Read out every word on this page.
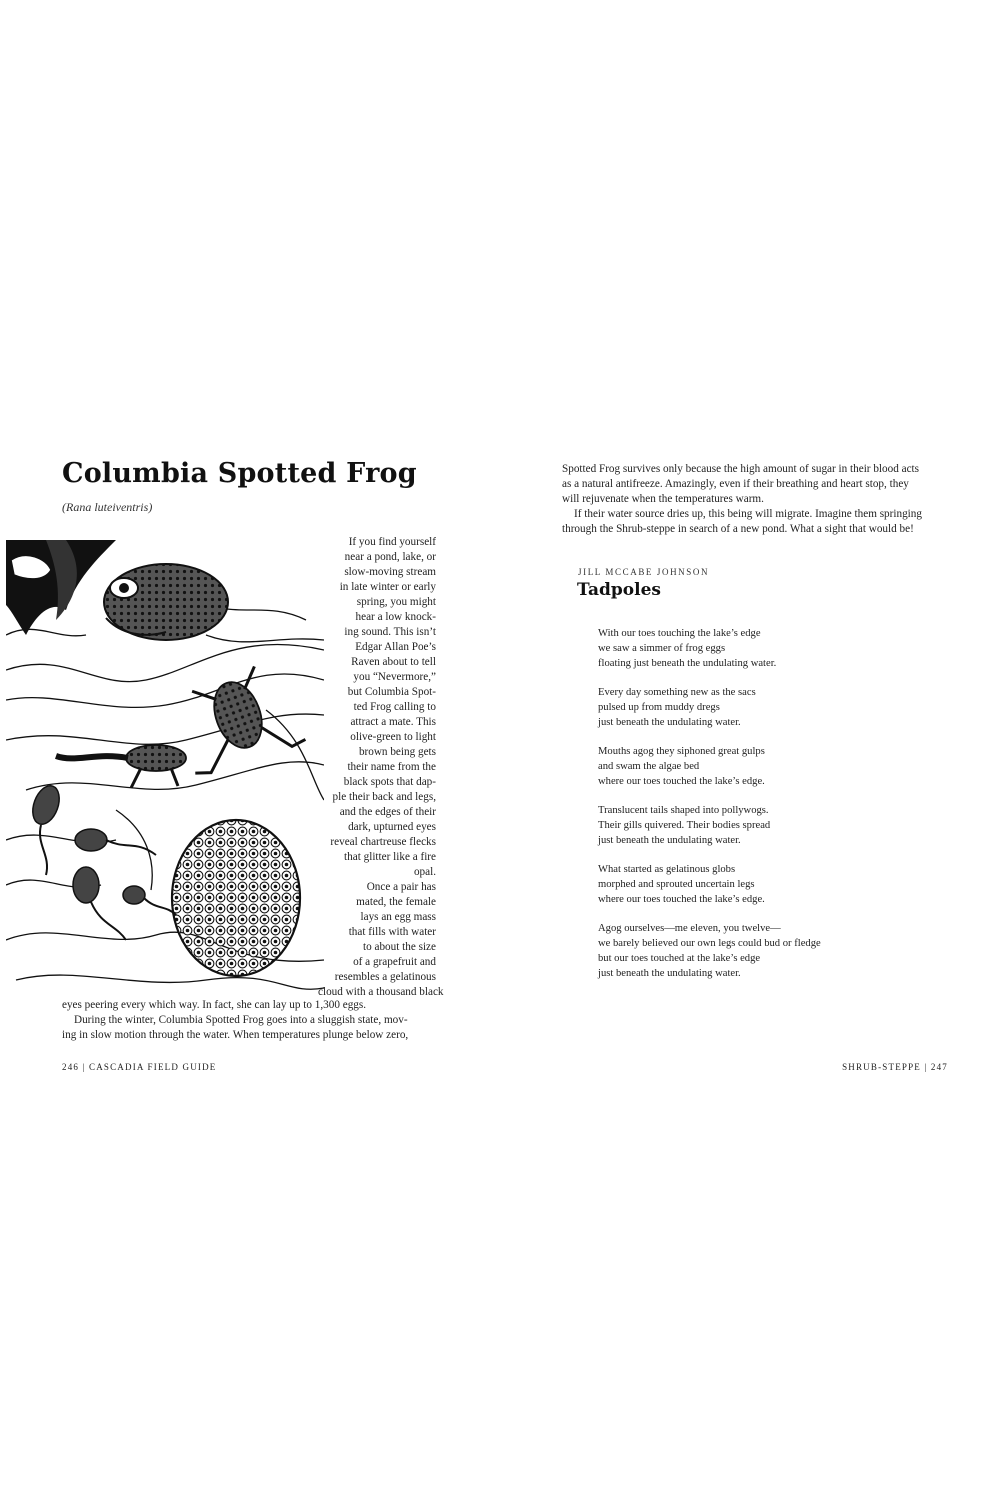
Columbia Spotted Frog
(Rana luteiventris)
If you find yourself
near a pond, lake, or
slow-moving stream
in late winter or early
spring, you might
hear a low knock-
ing sound. This isn’t
Edgar Allan Poe’s
Raven about to tell
you “Nevermore,”
but Columbia Spot-
ted Frog calling to
attract a mate. This
olive-green to light
brown being gets
their name from the
black spots that dap-
ple their back and legs,
and the edges of their
dark, upturned eyes
reveal chartreuse flecks
that glitter like a fire
opal.
Once a pair has
mated, the female
lays an egg mass
that fills with water
to about the size
of a grapefruit and
resembles a gelatinous
cloud with a thousand black
eyes peering every which way. In fact, she can lay up to 1,300 eggs.
During the winter, Columbia Spotted Frog goes into a sluggish state, mov-
ing in slow motion through the water. When temperatures plunge below zero,
246 | CASCADIA FIELD GUIDE
Spotted Frog survives only because the high amount of sugar in their blood acts
as a natural antifreeze. Amazingly, even if their breathing and heart stop, they
will rejuvenate when the temperatures warm.
If their water source dries up, this being will migrate. Imagine them springing
through the Shrub-steppe in search of a new pond. What a sight that would be!
JILL MCCABE JOHNSON
Tadpoles
With our toes touching the lake’s edge
we saw a simmer of frog eggs
floating just beneath the undulating water.
Every day something new as the sacs
pulsed up from muddy dregs
just beneath the undulating water.
Mouths agog they siphoned great gulps
and swam the algae bed
where our toes touched the lake’s edge.
Translucent tails shaped into pollywogs.
Their gills quivered. Their bodies spread
just beneath the undulating water.
What started as gelatinous globs
morphed and sprouted uncertain legs
where our toes touched the lake’s edge.
Agog ourselves—me eleven, you twelve—
we barely believed our own legs could bud or fledge
but our toes touched at the lake’s edge
just beneath the undulating water.
SHRUB-STEPPE | 247
